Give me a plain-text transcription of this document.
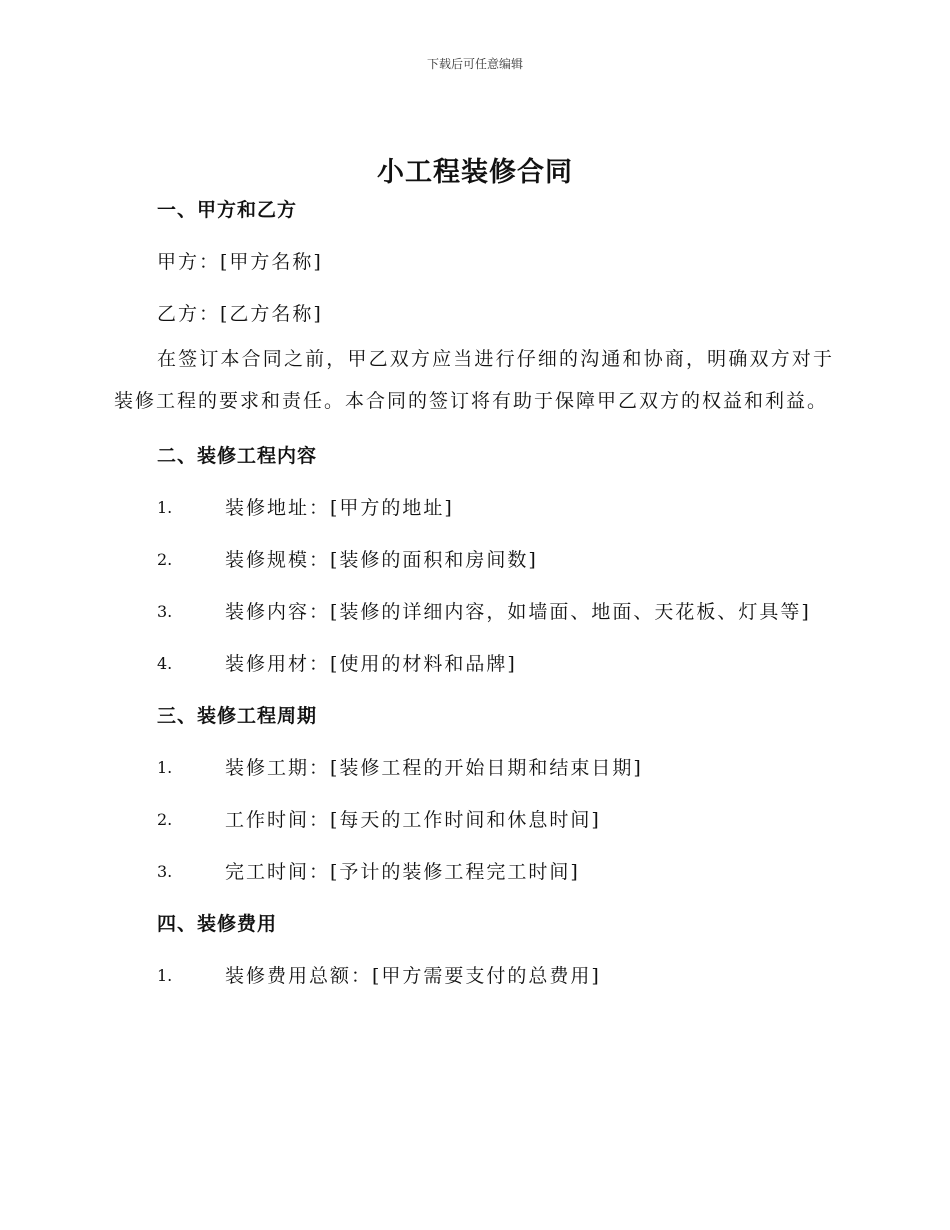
下载后可任意编辑
小工程装修合同
一、甲方和乙方
甲方：[甲方名称]
乙方：[乙方名称]

在签订本合同之前，甲乙双方应当进行仔细的沟通和协商，明确双方对于装修工程的要求和责任。本合同的签订将有助于保障甲乙双方的权益和利益。

二、装修工程内容
1.	装修地址：[甲方的地址]
2.	装修规模：[装修的面积和房间数]
3.	装修内容：[装修的详细内容，如墙面、地面、天花板、灯具等]
4.	装修用材：[使用的材料和品牌]
三、装修工程周期
1.	装修工期：[装修工程的开始日期和结束日期]
2.	工作时间：[每天的工作时间和休息时间]
3.	完工时间：[予计的装修工程完工时间]
四、装修费用
1.	装修费用总额：[甲方需要支付的总费用]
